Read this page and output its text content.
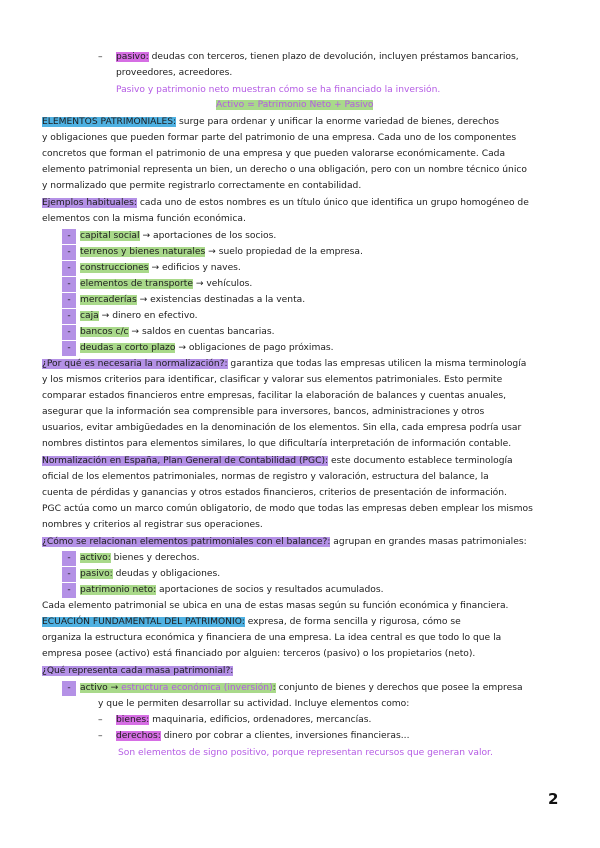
– pasivo: deudas con terceros, tienen plazo de devolución, incluyen préstamos bancarios,
proveedores, acreedores.
Pasivo y patrimonio neto muestran cómo se ha financiado la inversión.
Activo = Patrimonio Neto + Pasivo
ELEMENTOS PATRIMONIALES: surge para ordenar y unificar la enorme variedad de bienes, derechos
y obligaciones que pueden formar parte del patrimonio de una empresa. Cada uno de los componentes
concretos que forman el patrimonio de una empresa y que pueden valorarse económicamente. Cada
elemento patrimonial representa un bien, un derecho o una obligación, pero con un nombre técnico único
y normalizado que permite registrarlo correctamente en contabilidad.
Ejemplos habituales: cada uno de estos nombres es un título único que identifica un grupo homogéneo de
elementos con la misma función económica.
- capital social → aportaciones de los socios.
- terrenos y bienes naturales → suelo propiedad de la empresa.
- construcciones → edificios y naves.
- elementos de transporte → vehículos.
- mercaderías → existencias destinadas a la venta.
- caja → dinero en efectivo.
- bancos c/c → saldos en cuentas bancarias.
- deudas a corto plazo → obligaciones de pago próximas.
¿Por qué es necesaria la normalización?: garantiza que todas las empresas utilicen la misma terminología
y los mismos criterios para identificar, clasificar y valorar sus elementos patrimoniales. Esto permite
comparar estados financieros entre empresas, facilitar la elaboración de balances y cuentas anuales,
asegurar que la información sea comprensible para inversores, bancos, administraciones y otros
usuarios, evitar ambigüedades en la denominación de los elementos. Sin ella, cada empresa podría usar
nombres distintos para elementos similares, lo que dificultaría interpretación de información contable.
Normalización en España, Plan General de Contabilidad (PGC): este documento establece terminología
oficial de los elementos patrimoniales, normas de registro y valoración, estructura del balance, la
cuenta de pérdidas y ganancias y otros estados financieros, criterios de presentación de información.
PGC actúa como un marco común obligatorio, de modo que todas las empresas deben emplear los mismos
nombres y criterios al registrar sus operaciones.
¿Cómo se relacionan elementos patrimoniales con el balance?: agrupan en grandes masas patrimoniales:
- activo: bienes y derechos.
- pasivo: deudas y obligaciones.
- patrimonio neto: aportaciones de socios y resultados acumulados.
Cada elemento patrimonial se ubica en una de estas masas según su función económica y financiera.
ECUACIÓN FUNDAMENTAL DEL PATRIMONIO: expresa, de forma sencilla y rigurosa, cómo se
organiza la estructura económica y financiera de una empresa. La idea central es que todo lo que la
empresa posee (activo) está financiado por alguien: terceros (pasivo) o los propietarios (neto).
¿Qué representa cada masa patrimonial?:
- activo → estructura económica (inversión): conjunto de bienes y derechos que posee la empresa
y que le permiten desarrollar su actividad. Incluye elementos como:
– bienes: maquinaria, edificios, ordenadores, mercancías.
– derechos: dinero por cobrar a clientes, inversiones financieras...
Son elementos de signo positivo, porque representan recursos que generan valor.
2
